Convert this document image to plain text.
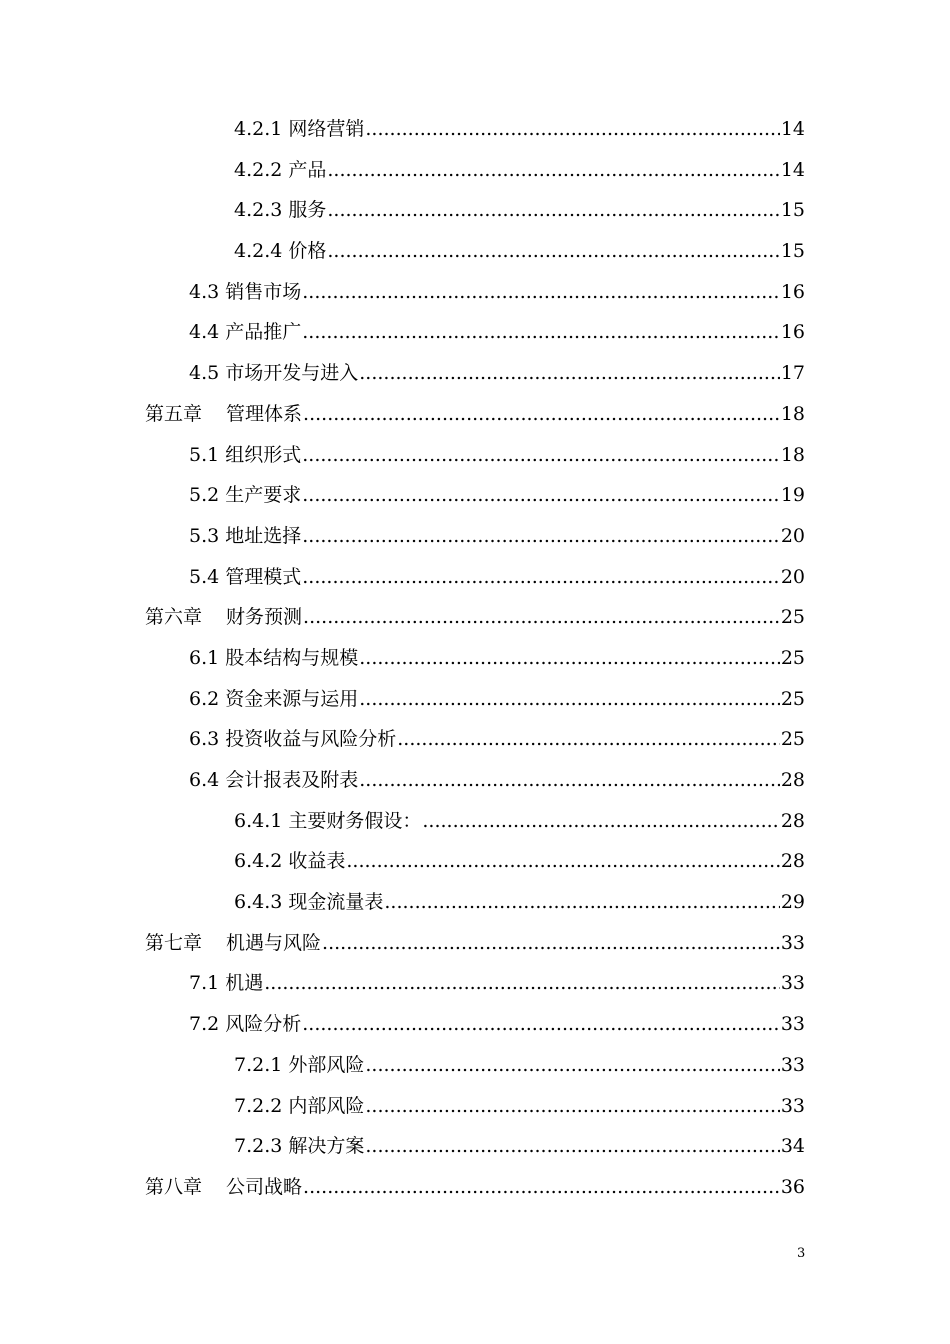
4.2.1 网络营销 .....	14
4.2.2 产品 .....	14
4.2.3 服务 .....	15
4.2.4 价格 .....	15
4.3 销售市场 .....	16
4.4 产品推广 .....	16
4.5 市场开发与进入 .....	17
第五章 管理体系 .....	18
5.1 组织形式 .....	18
5.2 生产要求 .....	19
5.3 地址选择 .....	20
5.4 管理模式 .....	20
第六章 财务预测 .....	25
6.1 股本结构与规模 .....	25
6.2 资金来源与运用 .....	25
6.3 投资收益与风险分析 .....	25
6.4 会计报表及附表 .....	28
6.4.1 主要财务假设： .....	28
6.4.2 收益表 .....	28
6.4.3 现金流量表 .....	29
第七章 机遇与风险 .....	33
7.1 机遇 .....	33
7.2 风险分析 .....	33
7.2.1 外部风险 .....	33
7.2.2 内部风险 .....	33
7.2.3 解决方案 .....	34
第八章 公司战略 .....	36
3
